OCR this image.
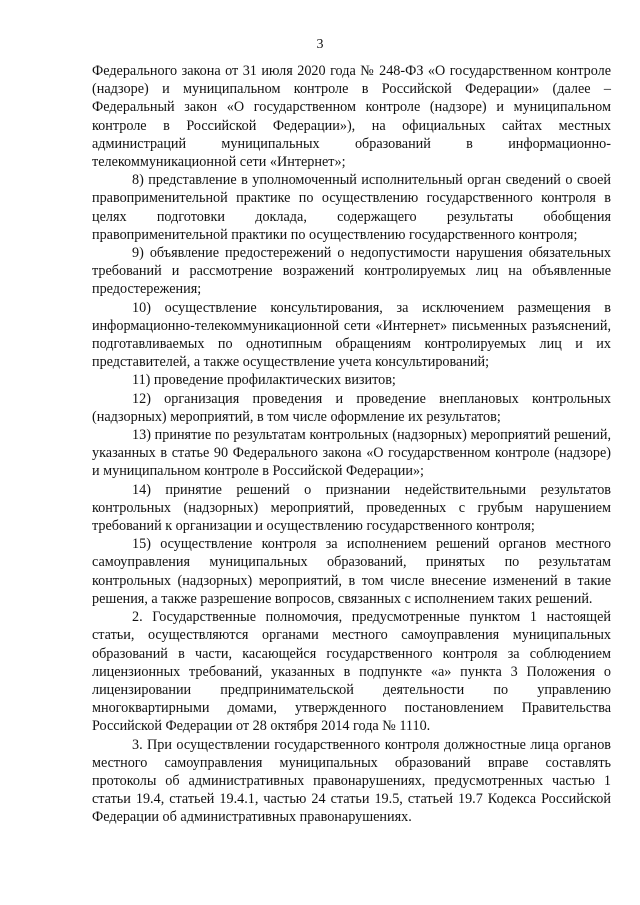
3

Федерального закона от 31 июля 2020 года № 248-ФЗ «О государственном контроле (надзоре) и муниципальном контроле в Российской Федерации» (далее – Федеральный закон «О государственном контроле (надзоре) и муниципальном контроле в Российской Федерации»), на официальных сайтах местных администраций муниципальных образований в информационно-телекоммуникационной сети «Интернет»;

8) представление в уполномоченный исполнительный орган сведений о своей правоприменительной практике по осуществлению государственного контроля в целях подготовки доклада, содержащего результаты обобщения правоприменительной практики по осуществлению государственного контроля;

9) объявление предостережений о недопустимости нарушения обязательных требований и рассмотрение возражений контролируемых лиц на объявленные предостережения;

10) осуществление консультирования, за исключением размещения в информационно-телекоммуникационной сети «Интернет» письменных разъяснений, подготавливаемых по однотипным обращениям контролируемых лиц и их представителей, а также осуществление учета консультирований;

11) проведение профилактических визитов;

12) организация проведения и проведение внеплановых контрольных (надзорных) мероприятий, в том числе оформление их результатов;

13) принятие по результатам контрольных (надзорных) мероприятий решений, указанных в статье 90 Федерального закона «О государственном контроле (надзоре) и муниципальном контроле в Российской Федерации»;

14) принятие решений о признании недействительными результатов контрольных (надзорных) мероприятий, проведенных с грубым нарушением требований к организации и осуществлению государственного контроля;

15) осуществление контроля за исполнением решений органов местного самоуправления муниципальных образований, принятых по результатам контрольных (надзорных) мероприятий, в том числе внесение изменений в такие решения, а также разрешение вопросов, связанных с исполнением таких решений.

2. Государственные полномочия, предусмотренные пунктом 1 настоящей статьи, осуществляются органами местного самоуправления муниципальных образований в части, касающейся государственного контроля за соблюдением лицензионных требований, указанных в подпункте «а» пункта 3 Положения о лицензировании предпринимательской деятельности по управлению многоквартирными домами, утвержденного постановлением Правительства Российской Федерации от 28 октября 2014 года № 1110.

3. При осуществлении государственного контроля должностные лица органов местного самоуправления муниципальных образований вправе составлять протоколы об административных правонарушениях, предусмотренных частью 1 статьи 19.4, статьей 19.4.1, частью 24 статьи 19.5, статьей 19.7 Кодекса Российской Федерации об административных правонарушениях.
